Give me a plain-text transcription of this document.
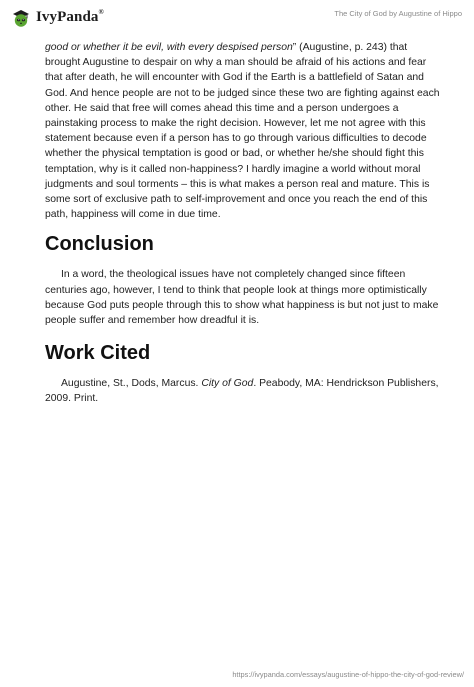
IvyPanda®	The City of God by Augustine of Hippo

good or whether it be evil, with every despised person” (Augustine, p. 243) that brought Augustine to despair on why a man should be afraid of his actions and fear that after death, he will encounter with God if the Earth is a battlefield of Satan and God. And hence people are not to be judged since these two are fighting against each other. He said that free will comes ahead this time and a person undergoes a painstaking process to make the right decision. However, let me not agree with this statement because even if a person has to go through various difficulties to decode whether the physical temptation is good or bad, or whether he/she should fight this temptation, why is it called non-happiness? I hardly imagine a world without moral judgments and soul torments – this is what makes a person real and mature. This is some sort of exclusive path to self-improvement and once you reach the end of this path, happiness will come in due time.

Conclusion

In a word, the theological issues have not completely changed since fifteen centuries ago, however, I tend to think that people look at things more optimistically because God puts people through this to show what happiness is but not just to make people suffer and remember how dreadful it is.

Work Cited

Augustine, St., Dods, Marcus. City of God. Peabody, MA: Hendrickson Publishers, 2009. Print.

https://ivypanda.com/essays/augustine-of-hippo-the-city-of-god-review/
